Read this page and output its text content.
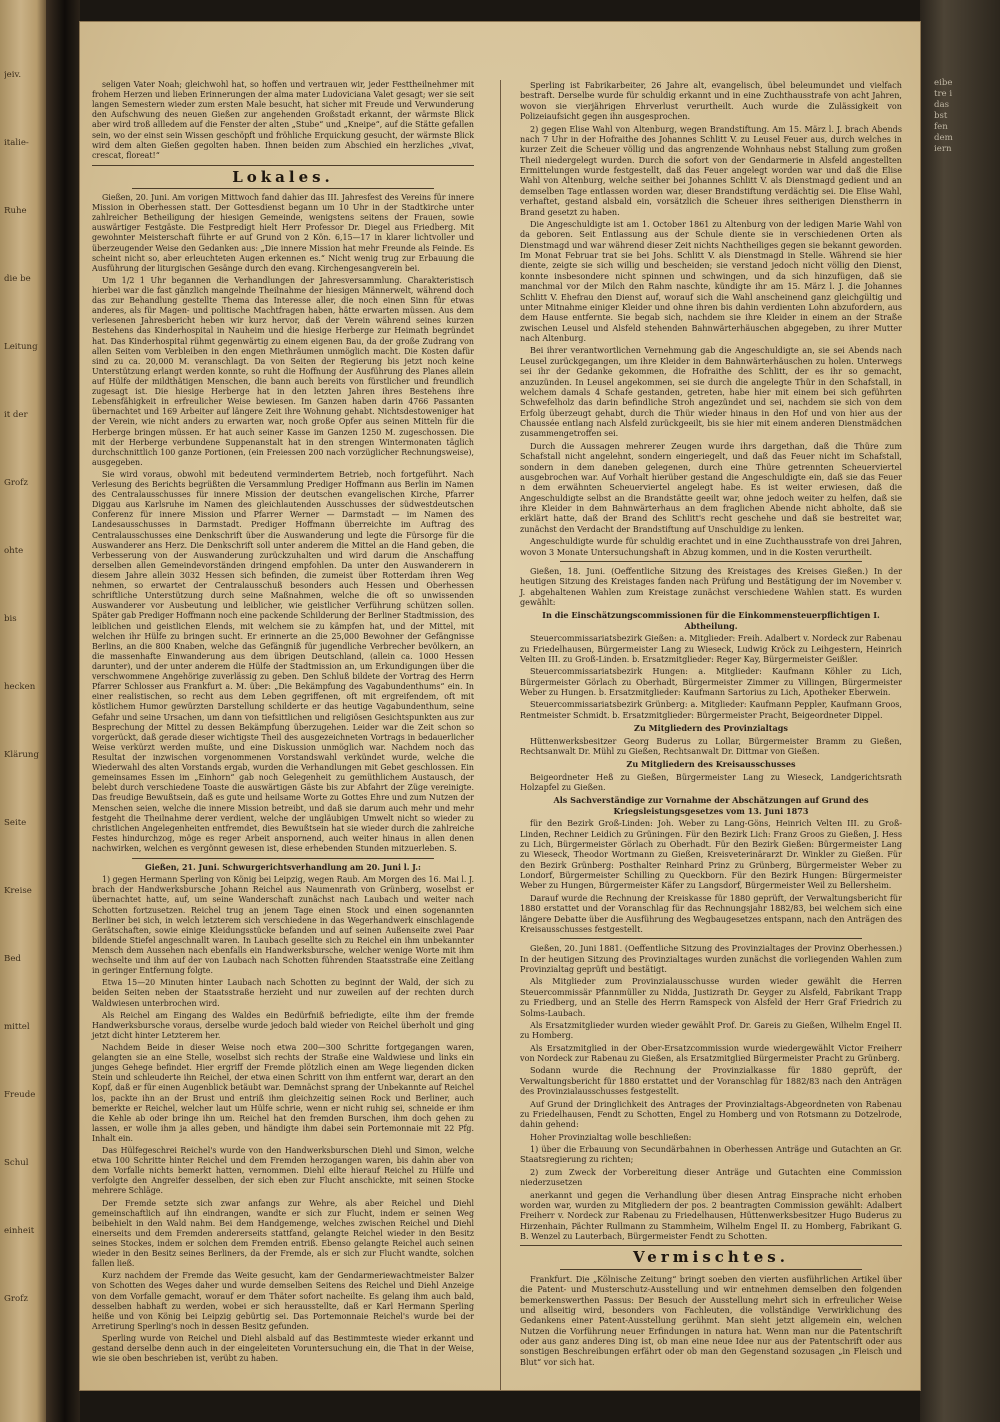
jeiv.
italie-
Ruhe
die be
Leitung
it der
Grofz
ohte
bis
hecken
Klärung
Seite
Kreise
Bed
mittel
Freude
Schul
einheit
Grofz
eibe
tre i
das
bst
fen
dem
iern

seligen Vater Noah; gleichwohl hat, so hoffen und vertrauen wir, jeder Festtheilnehmer mit frohem Herzen und lieben Erinnerungen der alma mater Ludoviciana Valet gesagt; wer sie seit langen Semestern wieder zum ersten Male besucht, hat sicher mit Freude und Verwunderung den Aufschwung des neuen Gießen zur angehenden Großstadt erkannt, der wärmste Blick aber wird troß allledem auf die Fenster der alten „Stube“ und „Kneipe“, auf die Stätte gefallen sein, wo der einst sein Wissen geschöpft und fröhliche Erquickung gesucht, der wärmste Blick wird dem alten Gießen gegolten haben. Ihnen beiden zum Abschied ein herzliches „vivat, crescat, floreat!“

Lokales.

Gießen, 20. Juni. Am vorigen Mittwoch fand dahier das III. Jahresfest des Vereins für innere Mission in Oberhessen statt. Der Gottesdienst begann um 10 Uhr in der Stadtkirche unter zahlreicher Betheiligung der hiesigen Gemeinde, wenigstens seitens der Frauen, sowie auswärtiger Festgäste. Die Festpredigt hielt Herr Professor Dr. Diegel aus Friedberg. Mit gewohnter Meisterschaft führte er auf Grund von 2 Kön. 6,15—17 in klarer lichtvoller und überzeugender Weise den Gedanken aus: „Die innere Mission hat mehr Freunde als Feinde. Es scheint nicht so, aber erleuchteten Augen erkennen es.“ Nicht wenig trug zur Erbauung die Ausführung der liturgischen Gesänge durch den evang. Kirchengesangverein bei.

Um 1/2 1 Uhr begannen die Verhandlungen der Jahresversammlung. Charakteristisch hierbei war die fast gänzlich mangelnde Theilnahme der hiesigen Männerwelt, während doch das zur Behandlung gestellte Thema das Interesse aller, die noch einen Sinn für etwas anderes, als für Magen- und politische Machtfragen haben, hätte erwarten müssen. Aus dem verlesenen Jahresbericht heben wir kurz hervor, daß der Verein während seines kurzen Bestehens das Kinderhospital in Nauheim und die hiesige Herberge zur Heimath begründet hat. Das Kinderhospital rühmt gegenwärtig zu einem eigenen Bau, da der große Zudrang von allen Seiten vom Verbleiben in den engen Miethräumen unmöglich macht. Die Kosten dafür sind zu ca. 20,000 M. veranschlagt. Da von Seiten der Regierung bis jetzt noch keine Unterstützung erlangt werden konnte, so ruht die Hoffnung der Ausführung des Planes allein auf Hülfe der mildthätigen Menschen, die bann auch bereits von fürstlicher und freundlich zugesagt ist. Die hiesige Herberge hat in den letzten Jahren ihres Bestehens ihre Lebensfähigkeit in erfreulicher Weise bewiesen. Im Ganzen haben darin 4766 Passanten übernachtet und 169 Arbeiter auf längere Zeit ihre Wohnung gehabt. Nichtsdestoweniger hat der Verein, wie nicht anders zu erwarten war, noch große Opfer aus seinen Mitteln für die Herberge bringen müssen. Er hat auch seiner Kasse im Ganzen 1250 M. zugeschossen. Die mit der Herberge verbundene Suppenanstalt hat in den strengen Wintermonaten täglich durchschnittlich 100 ganze Portionen, (ein Freiessen 200 nach vorzüglicher Rechnungsweise), ausgegeben.

Sie wird voraus, obwohl mit bedeutend vermindertem Betrieb, noch fortgeführt. Nach Verlesung des Berichts begrüßten die Versammlung Prediger Hoffmann aus Berlin im Namen des Centralausschusses für innere Mission der deutschen evangelischen Kirche, Pfarrer Diggau aus Karlsruhe im Namen des gleichlautenden Ausschusses der südwestdeutschen Conferenz für innere Mission und Pfarrer Werner — Darmstadt — im Namen des Landesausschusses in Darmstadt. Prediger Hoffmann überreichte im Auftrag des Centralausschusses eine Denkschrift über die Auswanderung und legte die Fürsorge für die Auswanderer ans Herz. Die Denkschrift soll unter anderem die Mittel an die Hand geben, die Verbesserung von der Auswanderung zurückzuhalten und wird darum die Anschaffung derselben allen Gemeindevorständen dringend empfohlen. Da unter den Auswanderern in diesem Jahre allein 3032 Hessen sich befinden, die zumeist über Rotterdam ihren Weg nehmen, so erwartet der Centralausschuß besonders auch Hessen und Oberhessen schriftliche Unterstützung durch seine Maßnahmen, welche die oft so unwissenden Auswanderer vor Ausbeutung und leiblicher, wie geistlicher Verführung schützen sollen. Später gab Prediger Hoffmann noch eine packende Schilderung der Berliner Stadtmission, des leiblichen und geistlichen Elends, mit welchem sie zu kämpfen hat, und der Mittel, mit welchen ihr Hülfe zu bringen sucht. Er erinnerte an die 25,000 Bewohner der Gefängnisse Berlins, an die 800 Knaben, welche das Gefängniß für jugendliche Verbrecher bevölkern, an die massenhafte Einwanderung aus dem übrigen Deutschland, (allein ca. 1000 Hessen darunter), und der unter anderem die Hülfe der Stadtmission an, um Erkundigungen über die verschwommene Angehörige zuverlässig zu geben. Den Schluß bildete der Vortrag des Herrn Pfarrer Schlosser aus Frankfurt a. M. über: „Die Bekämpfung des Vagabundenthums“ ein. In einer realistischen, so recht aus dem Leben gegriffenen, oft mit ergreifendem, oft mit köstlichem Humor gewürzten Darstellung schilderte er das heutige Vagabundenthum, seine Gefahr und seine Ursachen, um dann von tiefsittlichen und religiösen Gesichtspunkten aus zur Besprechung der Mittel zu dessen Bekämpfung überzugehen. Leider war die Zeit schon so vorgerückt, daß gerade dieser wichtigste Theil des ausgezeichneten Vortrags in bedauerlicher Weise verkürzt werden mußte, und eine Diskussion unmöglich war. Nachdem noch das Resultat der inzwischen vorgenommenen Vorstandswahl verkündet wurde, welche die Wiederwahl des alten Vorstands ergab, wurden die Verhandlungen mit Gebet geschlossen. Ein gemeinsames Essen im „Einhorn“ gab noch Gelegenheit zu gemüthlichem Austausch, der belebt durch verschiedene Toaste die auswärtigen Gäste bis zur Abfahrt der Züge vereinigte. Das freudige Bewußtsein, daß es gute und heilsame Worte zu Gottes Ehre und zum Nutzen der Menschen seien, welche die innere Mission betreibt, und daß sie darum auch mehr und mehr festgeht die Theilnahme derer verdient, welche der ungläubigen Umwelt nicht so wieder zu christlichen Angelegenheiten entfremdet, dies Bewußtsein hat sie wieder durch die zahlreiche Festes hindurchzog, möge es reger Arbeit anspornend, auch weiter hinaus in allen denen nachwirken, welchen es vergönnt gewesen ist, diese erhebenden Stunden mitzuerleben. S.

Gießen, 21. Juni. Schwurgerichtsverhandlung am 20. Juni l. J.:

1) gegen Hermann Sperling von König bei Leipzig, wegen Raub. Am Morgen des 16. Mai l. J. brach der Handwerksbursche Johann Reichel aus Naumenrath von Grünberg, woselbst er übernachtet hatte, auf, um seine Wanderschaft zunächst nach Laubach und weiter nach Schotten fortzusetzen. Reichel trug an jenem Tage einen Stock und einen sogenannten Berliner bei sich, in welch letzterem sich verschiedene in das Wegerhandwerk einschlagende Gerätschaften, sowie einige Kleidungsstücke befanden und auf seinen Außenseite zwei Paar bildende Stiefel angeschnallt waren. In Laubach gesellte sich zu Reichel ein ihm unbekannter Mensch dem Aussehen nach ebenfalls ein Handwerksbursche, welcher wenige Worte mit ihm wechselte und ihm auf der von Laubach nach Schotten führenden Staatsstraße eine Zeitlang in geringer Entfernung folgte.

Etwa 15—20 Minuten hinter Laubach nach Schotten zu beginnt der Wald, der sich zu beiden Seiten neben der Staatsstraße herzieht und nur zuweilen auf der rechten durch Waldwiesen unterbrochen wird.

Als Reichel am Eingang des Waldes ein Bedürfniß befriedigte, eilte ihm der fremde Handwerksbursche voraus, derselbe wurde jedoch bald wieder von Reichel überholt und ging jetzt dicht hinter Letzterem her.

Nachdem Beide in dieser Weise noch etwa 200—300 Schritte fortgegangen waren, gelangten sie an eine Stelle, woselbst sich rechts der Straße eine Waldwiese und links ein junges Gehege befindet. Hier ergriff der Fremde plötzlich einen am Wege liegenden dicken Stein und schleuderte ihn Reichel, der etwa einen Schritt von ihm entfernt war, derart an den Kopf, daß er für einen Augenblick betäubt war. Demnächst sprang der Unbekannte auf Reichel los, packte ihn an der Brust und entriß ihm gleichzeitig seinen Rock und Berliner, auch bemerkte er Reichel, welcher laut um Hülfe schrie, wenn er nicht ruhig sei, schneide er ihm die Kehle ab oder bringe ihn um. Reichel hat den fremden Burschen, ihm doch gehen zu lassen, er wolle ihm ja alles geben, und händigte ihm dabei sein Portemonnaie mit 22 Pfg. Inhalt ein.

Das Hülfegeschrei Reichel's wurde von den Handwerksburschen Diehl und Simon, welche etwa 100 Schritte hinter Reichel und dem Fremden herzogangen waren, bis dahin aber von dem Vorfalle nichts bemerkt hatten, vernommen. Diehl eilte hierauf Reichel zu Hülfe und verfolgte den Angreifer desselben, der sich eben zur Flucht anschickte, mit seinen Stocke mehrere Schläge.

Der Fremde setzte sich zwar anfangs zur Wehre, als aber Reichel und Diehl gemeinschaftlich auf ihn eindrangen, wandte er sich zur Flucht, indem er seinen Weg beibehielt in den Wald nahm. Bei dem Handgemenge, welches zwischen Reichel und Diehl einerseits und dem Fremden andererseits stattfand, gelangte Reichel wieder in den Besitz seines Stockes, indem er solchen dem Fremden entriß. Ebenso gelangte Reichel auch seinen wieder in den Besitz seines Berliners, da der Fremde, als er sich zur Flucht wandte, solchen fallen ließ.

Kurz nachdem der Fremde das Weite gesucht, kam der Gendarmeriewachtmeister Balzer von Schotten des Weges daher und wurde demselben Seitens des Reichel und Diehl Anzeige von dem Vorfalle gemacht, worauf er dem Thäter sofort nacheilte. Es gelang ihm auch bald, desselben habhaft zu werden, wobei er sich herausstellte, daß er Karl Hermann Sperling heiße und von König bei Leipzig gebürtig sei. Das Portemonnaie Reichel's wurde bei der Arretirung Sperling's noch in dessen Besitz gefunden.

Sperling wurde von Reichel und Diehl alsbald auf das Bestimmteste wieder erkannt und gestand derselbe denn auch in der eingeleiteten Voruntersuchung ein, die That in der Weise, wie sie oben beschrieben ist, verübt zu haben.

Sperling ist Fabrikarbeiter, 26 Jahre alt, evangelisch, übel beleumundet und vielfach bestraft. Derselbe wurde für schuldig erkannt und in eine Zuchthausstrafe von acht Jahren, wovon sie vierjährigen Ehrverlust verurtheilt. Auch wurde die Zulässigkeit von Polizeiaufsicht gegen ihn ausgesprochen.

2) gegen Elise Wahl von Altenburg, wegen Brandstiftung. Am 15. März l. J. brach Abends nach 7 Uhr in der Hofraithe des Johannes Schlitt V. zu Leusel Feuer aus, durch welches in kurzer Zeit die Scheuer völlig und das angrenzende Wohnhaus nebst Stallung zum großen Theil niedergelegt wurden. Durch die sofort von der Gendarmerie in Alsfeld angestellten Ermittelungen wurde festgestellt, daß das Feuer angelegt worden war und daß die Elise Wahl von Altenburg, welche seither bei Johannes Schlitt V. als Dienstmagd gedient und an demselben Tage entlassen worden war, dieser Brandstiftung verdächtig sei. Die Elise Wahl, verhaftet, gestand alsbald ein, vorsätzlich die Scheuer ihres seitherigen Dienstherrn in Brand gesetzt zu haben.

Die Angeschuldigte ist am 1. October 1861 zu Altenburg von der ledigen Marie Wahl von da geboren. Seit Entlassung aus der Schule diente sie in verschiedenen Orten als Dienstmagd und war während dieser Zeit nichts Nachtheiliges gegen sie bekannt geworden. Im Monat Februar trat sie bei Johs. Schlitt V. als Dienstmagd in Stelle. Während sie hier diente, zeigte sie sich willig und bescheiden; sie verstand jedoch nicht völlig den Dienst, konnte insbesondere nicht spinnen und schwingen, und da sich hinzufügen, daß sie manchmal vor der Milch den Rahm naschte, kündigte ihr am 15. März l. J. die Johannes Schlitt V. Ehefrau den Dienst auf, worauf sich die Wahl anscheinend ganz gleichgültig und unter Mitnahme einiger Kleider und ohne ihren bis dahin verdienten Lohn abzufordern, aus dem Hause entfernte. Sie begab sich, nachdem sie ihre Kleider in einem an der Straße zwischen Leusel und Alsfeld stehenden Bahnwärterhäuschen abgegeben, zu ihrer Mutter nach Altenburg.

Bei ihrer verantwortlichen Vernehmung gab die Angeschuldigte an, sie sei Abends nach Leusel zurückgegangen, um ihre Kleider in dem Bahnwärterhäuschen zu holen. Unterwegs sei ihr der Gedanke gekommen, die Hofraithe des Schlitt, der es ihr so gemacht, anzuzünden. In Leusel angekommen, sei sie durch die angelegte Thür in den Schafstall, in welchem damals 4 Schafe gestanden, getreten, habe hier mit einem bei sich geführten Schwefelholz das darin befindliche Stroh angezündet und sei, nachdem sie sich von dem Erfolg überzeugt gehabt, durch die Thür wieder hinaus in den Hof und von hier aus der Chaussée entlang nach Alsfeld zurückgeeilt, bis sie hier mit einem anderen Dienstmädchen zusammengetroffen sei.

Durch die Aussagen mehrerer Zeugen wurde ihrs dargethan, daß die Thüre zum Schafstall nicht angelehnt, sondern eingeriegelt, und daß das Feuer nicht im Schafstall, sondern in dem daneben gelegenen, durch eine Thüre getrennten Scheuerviertel ausgebrochen war. Auf Vorhalt hierüber gestand die Angeschuldigte ein, daß sie das Feuer n dem erwähnten Scheuerviertel angelegt habe. Es ist weiter erwiesen, daß die Angeschuldigte selbst an die Brandstätte geeilt war, ohne jedoch weiter zu helfen, daß sie ihre Kleider in dem Bahnwärterhaus an dem fraglichen Abende nicht abholte, daß sie erklärt hatte, daß der Brand des Schlitt's recht geschehe und daß sie bestreitet war, zunächst den Verdacht der Brandstiftung auf Unschuldige zu lenken.

Angeschuldigte wurde für schuldig erachtet und in eine Zuchthausstrafe von drei Jahren, wovon 3 Monate Untersuchungshaft in Abzug kommen, und in die Kosten verurtheilt.

Gießen, 18. Juni. (Oeffentliche Sitzung des Kreistages des Kreises Gießen.) In der heutigen Sitzung des Kreistages fanden nach Prüfung und Bestätigung der im November v. J. abgehaltenen Wahlen zum Kreistage zunächst verschiedene Wahlen statt. Es wurden gewählt:

In die Einschätzungscommissionen für die Einkommensteuerpflichtigen I. Abtheilung.

Steuercommissariatsbezirk Gießen: a. Mitglieder: Freih. Adalbert v. Nordeck zur Rabenau zu Friedelhausen, Bürgermeister Lang zu Wieseck, Ludwig Kröck zu Leihgestern, Heinrich Velten III. zu Groß-Linden. b. Ersatzmitglieder: Reger Kay, Bürgermeister Geißler.

Steuercommissariatsbezirk Hungen: a. Mitglieder: Kaufmann Köhler zu Lich, Bürgermeister Görlach zu Oberhadt, Bürgermeister Zimmer zu Villingen, Bürgermeister Weber zu Hungen. b. Ersatzmitglieder: Kaufmann Sartorius zu Lich, Apotheker Eberwein.

Steuercommissariatsbezirk Grünberg: a. Mitglieder: Kaufmann Peppler, Kaufmann Groos, Rentmeister Schmidt. b. Ersatzmitglieder: Bürgermeister Pracht, Beigeordneter Dippel.

Zu Mitgliedern des Provinzialtags

Hüttenwerksbesitzer Georg Buderus zu Lollar, Bürgermeister Bramm zu Gießen, Rechtsanwalt Dr. Mühl zu Gießen, Rechtsanwalt Dr. Dittmar von Gießen.

Zu Mitgliedern des Kreisausschusses

Beigeordneter Heß zu Gießen, Bürgermeister Lang zu Wieseck, Landgerichtsrath Holzapfel zu Gießen.

Als Sachverständige zur Vornahme der Abschätzungen auf Grund des Kriegsleistungsgesetzes vom 13. Juni 1873

für den Bezirk Groß-Linden: Joh. Weber zu Lang-Göns, Heinrich Velten III. zu Groß-Linden, Rechner Leidich zu Grüningen. Für den Bezirk Lich: Franz Groos zu Gießen, J. Hess zu Lich, Bürgermeister Görlach zu Oberhadt. Für den Bezirk Gießen: Bürgermeister Lang zu Wieseck, Theodor Wortmann zu Gießen, Kreisveterinärarzt Dr. Winkler zu Gießen. Für den Bezirk Grünberg: Posthalter Reinhard Prinz zu Grünberg, Bürgermeister Weber zu Londorf, Bürgermeister Schilling zu Queckborn. Für den Bezirk Hungen: Bürgermeister Weber zu Hungen, Bürgermeister Käfer zu Langsdorf, Bürgermeister Weil zu Bellersheim.

Darauf wurde die Rechnung der Kreiskasse für 1880 geprüft, der Verwaltungsbericht für 1880 erstattet und der Voranschlag für das Rechnungsjahr 1882/83, bei welchem sich eine längere Debatte über die Ausführung des Wegbaugesetzes entspann, nach den Anträgen des Kreisausschusses festgestellt.

Gießen, 20. Juni 1881. (Oeffentliche Sitzung des Provinzialtages der Provinz Oberhessen.) In der heutigen Sitzung des Provinzialtages wurden zunächst die vorliegenden Wahlen zum Provinzialtag geprüft und bestätigt.

Als Mitglieder zum Provinzialausschusse wurden wieder gewählt die Herren Steuercommissär Pfannmüller zu Nidda, Justizrath Dr. Geyger zu Alsfeld, Fabrikant Trapp zu Friedberg, und an Stelle des Herrn Ramspeck von Alsfeld der Herr Graf Friedrich zu Solms-Laubach.

Als Ersatzmitglieder wurden wieder gewählt Prof. Dr. Gareis zu Gießen, Wilhelm Engel II. zu Homberg.

Als Ersatzmitglied in der Ober-Ersatzcommission wurde wiedergewählt Victor Freiherr von Nordeck zur Rabenau zu Gießen, als Ersatzmitglied Bürgermeister Pracht zu Grünberg.

Sodann wurde die Rechnung der Provinzialkasse für 1880 geprüft, der Verwaltungsbericht für 1880 erstattet und der Voranschlag für 1882/83 nach den Anträgen des Provinzialausschusses festgestellt.

Auf Grund der Dringlichkeit des Antrages der Provinzialtags-Abgeordneten von Rabenau zu Friedelhausen, Fendt zu Schotten, Engel zu Homberg und von Rotsmann zu Dotzelrode, dahin gehend:

Hoher Provinzialtag wolle beschließen:

1) über die Erbauung von Secundärbahnen in Oberhessen Anträge und Gutachten an Gr. Staatsregierung zu richten;

2) zum Zweck der Vorbereitung dieser Anträge und Gutachten eine Commission niederzusetzen

anerkannt und gegen die Verhandlung über diesen Antrag Einsprache nicht erhoben worden war, wurden zu Mitgliedern der pos. 2 beantragten Commission gewählt: Adalbert Freiherr v. Nordeck zur Rabenau zu Friedelhausen, Hüttenwerksbesitzer Hugo Buderus zu Hirzenhain, Pächter Rullmann zu Stammheim, Wilhelm Engel II. zu Homberg, Fabrikant G. B. Wenzel zu Lauterbach, Bürgermeister Fendt zu Schotten.

Vermischtes.

Frankfurt. Die „Kölnische Zeitung“ bringt soeben den vierten ausführlichen Artikel über die Patent- und Musterschutz-Ausstellung und wir entnehmen demselben den folgenden bemerkenswerthen Passus: Der Besuch der Ausstellung mehrt sich in erfreulicher Weise und allseitig wird, besonders von Fachleuten, die vollständige Verwirklichung des Gedankens einer Patent-Ausstellung gerühmt. Man sieht jetzt allgemein ein, welchen Nutzen die Vorführung neuer Erfindungen in natura hat. Wenn man nur die Patentschrift oder aus ganz anderes Ding ist, ob man eine neue Idee nur aus der Patentschrift oder aus sonstigen Beschreibungen erfährt oder ob man den Gegenstand sozusagen „in Fleisch und Blut“ vor sich hat.
